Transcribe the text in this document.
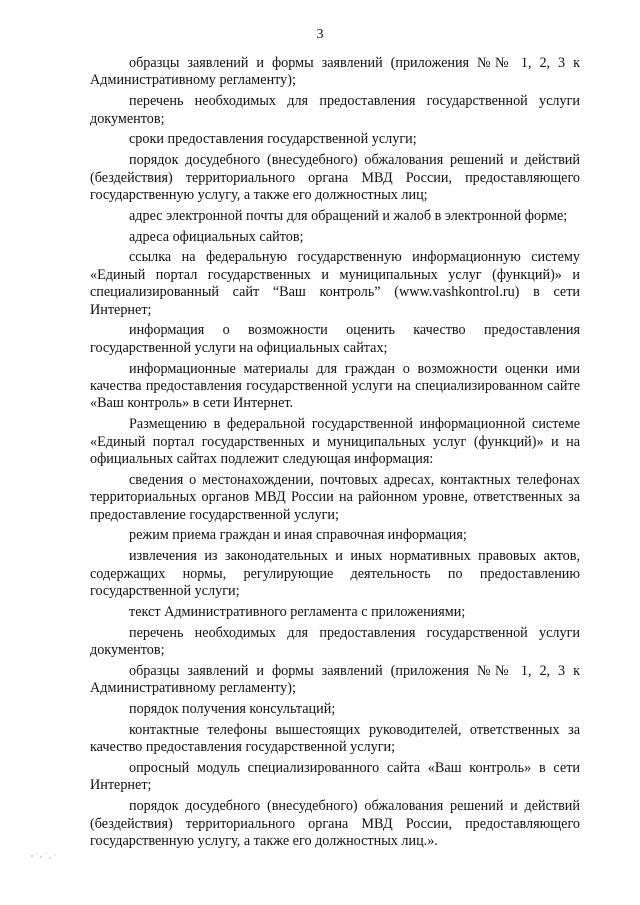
3

образцы заявлений и формы заявлений (приложения №№ 1, 2, 3 к Административному регламенту);

перечень необходимых для предоставления государственной услуги документов;

сроки предоставления государственной услуги;

порядок досудебного (внесудебного) обжалования решений и действий (бездействия) территориального органа МВД России, предоставляющего государственную услугу, а также его должностных лиц;

адрес электронной почты для обращений и жалоб в электронной форме;

адреса официальных сайтов;

ссылка на федеральную государственную информационную систему «Единый портал государственных и муниципальных услуг (функций)» и специализированный сайт “Ваш контроль” (www.vashkontrol.ru) в сети Интернет;

информация о возможности оценить качество предоставления государственной услуги на официальных сайтах;

информационные материалы для граждан о возможности оценки ими качества предоставления государственной услуги на специализированном сайте «Ваш контроль» в сети Интернет.

Размещению в федеральной государственной информационной системе «Единый портал государственных и муниципальных услуг (функций)» и на официальных сайтах подлежит следующая информация:

сведения о местонахождении, почтовых адресах, контактных телефонах территориальных органов МВД России на районном уровне, ответственных за предоставление государственной услуги;

режим приема граждан и иная справочная информация;

извлечения из законодательных и иных нормативных правовых актов, содержащих нормы, регулирующие деятельность по предоставлению государственной услуги;

текст Административного регламента с приложениями;

перечень необходимых для предоставления государственной услуги документов;

образцы заявлений и формы заявлений (приложения №№ 1, 2, 3 к Административному регламенту);

порядок получения консультаций;

контактные телефоны вышестоящих руководителей, ответственных за качество предоставления государственной услуги;

опросный модуль специализированного сайта «Ваш контроль» в сети Интернет;

порядок досудебного (внесудебного) обжалования решений и действий (бездействия) территориального органа МВД России, предоставляющего государственную услугу, а также его должностных лиц.».
